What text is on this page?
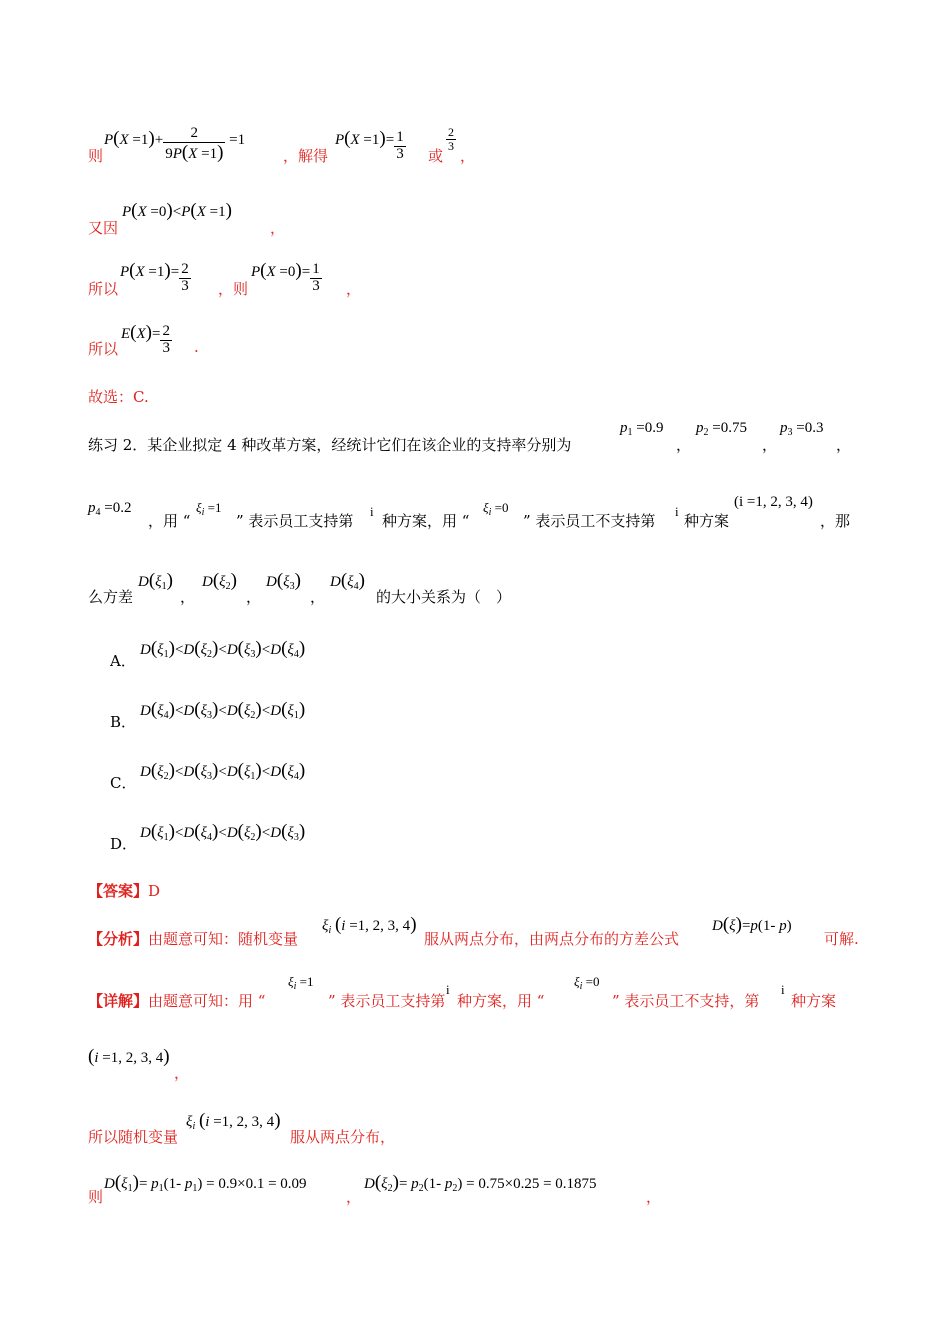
则
$P(X =1)+ \frac{2}{9P(X =1)} =1$
，解得
$P(X =1)= \frac{1}{3}$ 或
$\frac{2}{3}$
，
又因
P(X =0)<P(X =1)
，
所以
$P(X =1)= \frac{2}{3}$ ，则
$P(X =0)= \frac{1}{3}$ ，
所以
$E(X)= \frac{2}{3}$ .
故选：C.
练习 2．某企业拟定 4 种改革方案，经统计它们在该企业的支持率分别为
$p_1 =0.9$
，
$p_2 =0.75$
，
$p_3 =0.3$
，
$p_4 =0.2$
，用 “
$\xi_i =1$
” 表示员工支持第
i
种方案，用 “
$\xi_i =0$
” 表示员工不支持第
i
种方案
(i =1, 2, 3, 4)
，那
么方差
$D(\xi_1)$
，
$D(\xi_2)$
，
$D(\xi_3)$
，
$D(\xi_4)$
的大小关系为（　）
A．
$D(\xi_1)<D(\xi_2)<D(\xi_3)<D(\xi_4)$
B．
$D(\xi_4)<D(\xi_3)<D(\xi_2)<D(\xi_1)$
C．
$D(\xi_2)<D(\xi_3)<D(\xi_1)<D(\xi_4)$
D．
$D(\xi_1)<D(\xi_4)<D(\xi_2)<D(\xi_3)$
【答案】D
【分析】由题意可知：随机变量
$\xi_i$ (i =1, 2, 3, 4)
服从两点分布，由两点分布的方差公式
D(ξ)=p(1- p)
可解.
【详解】由题意可知：用 “
$\xi_i =1$
” 表示员工支持第
i
种方案，用 “
$\xi_i =0$
” 表示员工不支持，第
i
种方案
(i =1, 2, 3, 4)
，
所以随机变量
$\xi_i$ (i =1, 2, 3, 4)
服从两点分布，
则
$D(\xi_1)= p_1(1-$ $p_1) = 0.9\times 0.1 = 0.09$
，
$D(\xi_2)= p_2(1-$ $p_2) = 0.75\times 0.25 = 0.1875$
，
